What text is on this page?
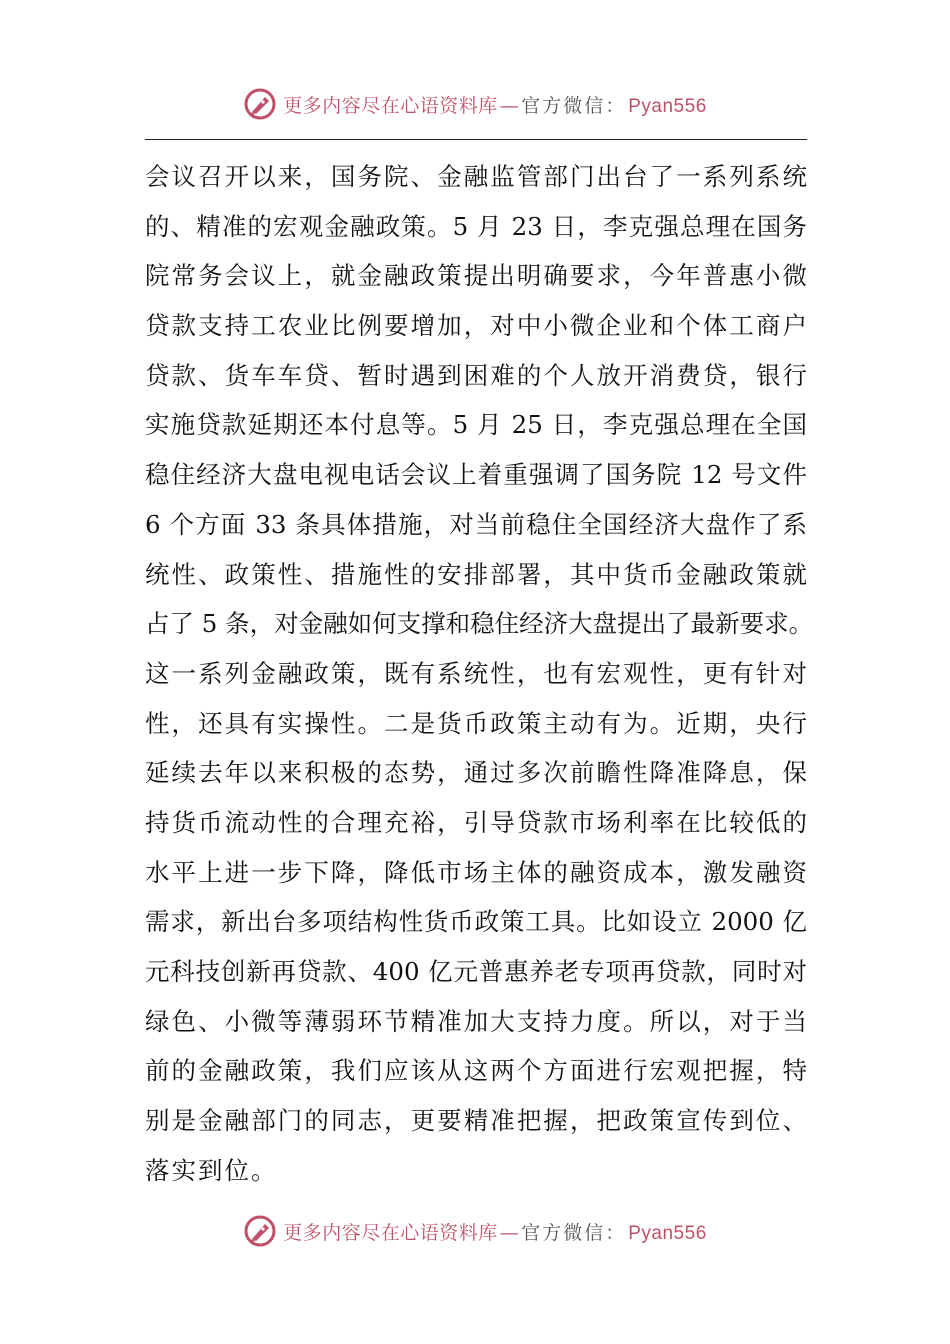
更多内容尽在心语资料库 — 官方微信： Pyan556
会议召开以来，国务院、金融监管部门出台了一系列系统
的、精准的宏观金融政策。5 月 23 日，李克强总理在国务
院常务会议上，就金融政策提出明确要求，今年普惠小微
贷款支持工农业比例要增加，对中小微企业和个体工商户
贷款、货车车贷、暂时遇到困难的个人放开消费贷，银行
实施贷款延期还本付息等。5 月 25 日，李克强总理在全国
稳住经济大盘电视电话会议上着重强调了国务院 12 号文件
6 个方面 33 条具体措施，对当前稳住全国经济大盘作了系
统性、政策性、措施性的安排部署，其中货币金融政策就
占了 5 条，对金融如何支撑和稳住经济大盘提出了最新要求。
这一系列金融政策，既有系统性，也有宏观性，更有针对
性，还具有实操性。二是货币政策主动有为。近期，央行
延续去年以来积极的态势，通过多次前瞻性降准降息，保
持货币流动性的合理充裕，引导贷款市场利率在比较低的
水平上进一步下降，降低市场主体的融资成本，激发融资
需求，新出台多项结构性货币政策工具。比如设立 2000 亿
元科技创新再贷款、400 亿元普惠养老专项再贷款，同时对
绿色、小微等薄弱环节精准加大支持力度。所以，对于当
前的金融政策，我们应该从这两个方面进行宏观把握，特
别是金融部门的同志，更要精准把握，把政策宣传到位、
落实到位。
更多内容尽在心语资料库 — 官方微信： Pyan556
